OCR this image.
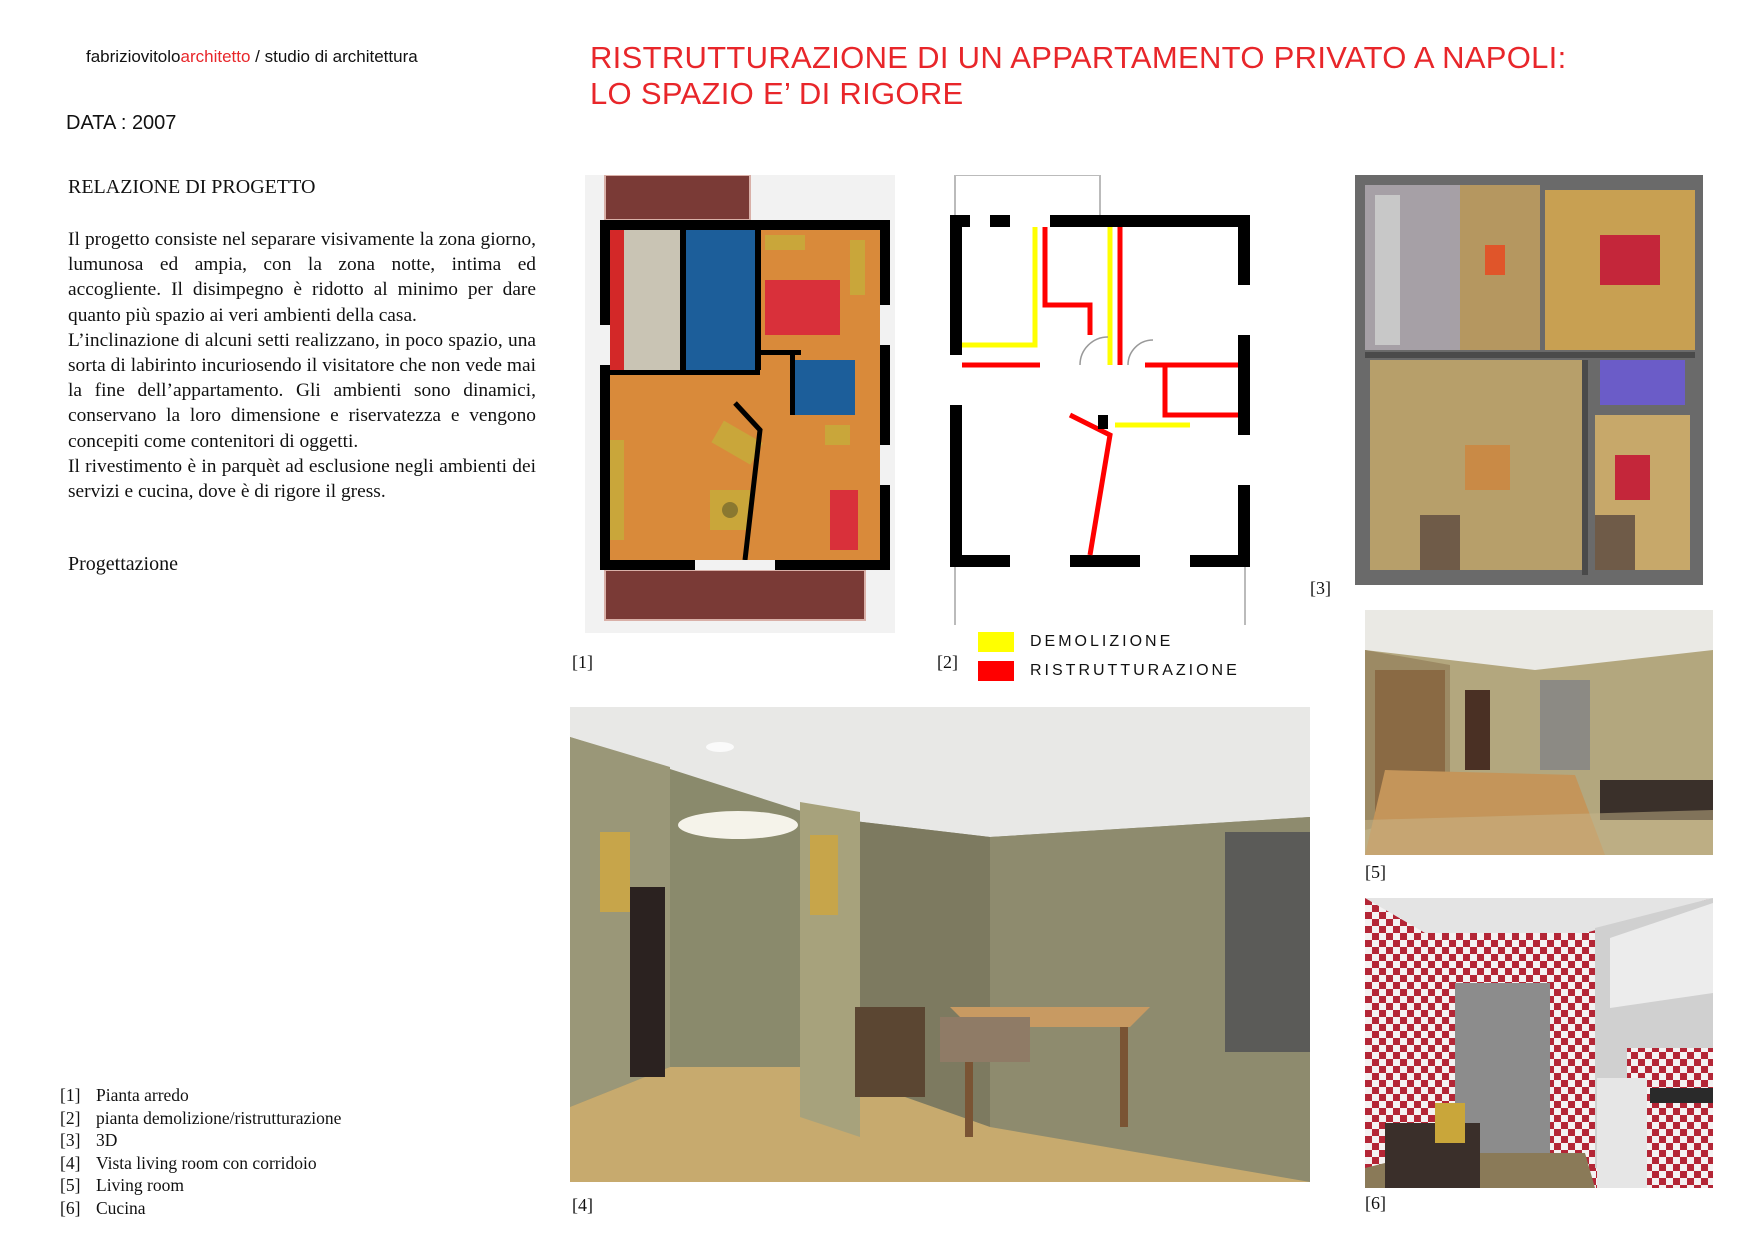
fabriziovitoloarchitetto / studio di architettura
DATA : 2007
RISTRUTTURAZIONE DI UN APPARTAMENTO PRIVATO A NAPOLI:
LO SPAZIO E’ DI RIGORE
RELAZIONE DI PROGETTO

Il progetto consiste nel separare visivamente la zona giorno, lumunosa ed ampia, con la zona notte, intima ed accogliente. Il disimpegno è ridotto al minimo per dare quanto più spazio ai veri ambienti della casa.

L’inclinazione di alcuni setti realizzano, in poco spazio, una sorta di labirinto incuriosendo il visitatore che non vede mai la fine dell’appartamento. Gli ambienti sono dinamici, conservano la loro dimensione e riservatezza e vengono concepiti come contenitori di oggetti.

Il rivestimento è in parquèt ad esclusione negli ambienti dei servizi e cucina, dove è di rigore il gress.

Progettazione
[1] Pianta arredo
[2] pianta demolizione/ristrutturazione
[3] 3D
[4] Vista living room con corridoio
[5] Living room
[6] Cucina
[1]	[2]
DEMOLIZIONE
RISTRUTTURAZIONE
[3]
[4]
[5]
[6]
